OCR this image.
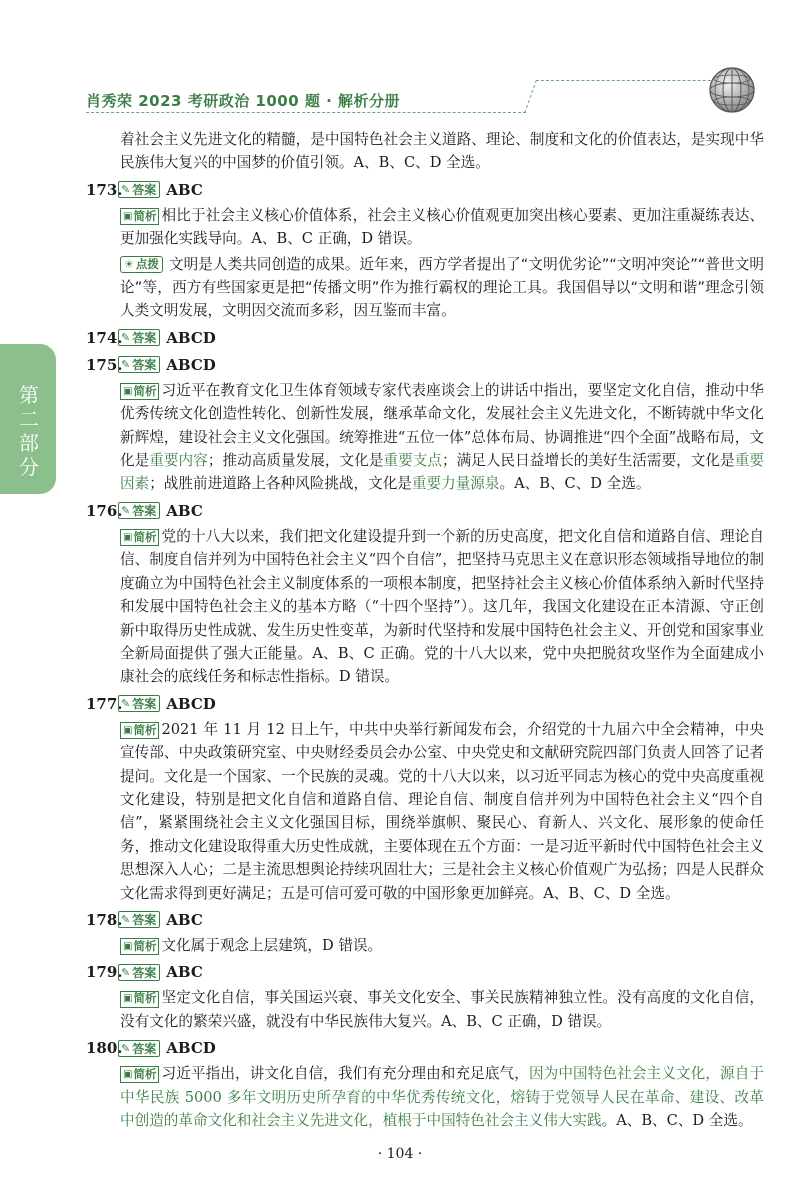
肖秀荣 2023 考研政治 1000 题 · 解析分册
第二部分

着社会主义先进文化的精髓，是中国特色社会主义道路、理论、制度和文化的价值表达，是实现中华民族伟大复兴的中国梦的价值引领。A、B、C、D 全选。

173.
✎ 答案 ABC

▣ 简析 相比于社会主义核心价值体系，社会主义核心价值观更加突出核心要素、更加注重凝练表达、更加强化实践导向。A、B、C 正确，D 错误。

☀ 点拨 文明是人类共同创造的成果。近年来，西方学者提出了“文明优劣论”“文明冲突论”“普世文明论”等，西方有些国家更是把“传播文明”作为推行霸权的理论工具。我国倡导以“文明和谐”理念引领人类文明发展，文明因交流而多彩，因互鉴而丰富。

174.
✎ 答案 ABCD
175.
✎ 答案 ABCD

▣ 简析 习近平在教育文化卫生体育领域专家代表座谈会上的讲话中指出，要坚定文化自信，推动中华优秀传统文化创造性转化、创新性发展，继承革命文化，发展社会主义先进文化，不断铸就中华文化新辉煌，建设社会主义文化强国。统筹推进“五位一体”总体布局、协调推进“四个全面”战略布局，文化是重要内容；推动高质量发展，文化是重要支点；满足人民日益增长的美好生活需要，文化是重要因素；战胜前进道路上各种风险挑战，文化是重要力量源泉。A、B、C、D 全选。

176.
✎ 答案 ABC

▣ 简析 党的十八大以来，我们把文化建设提升到一个新的历史高度，把文化自信和道路自信、理论自信、制度自信并列为中国特色社会主义“四个自信”，把坚持马克思主义在意识形态领域指导地位的制度确立为中国特色社会主义制度体系的一项根本制度，把坚持社会主义核心价值体系纳入新时代坚持和发展中国特色社会主义的基本方略（“十四个坚持”）。这几年，我国文化建设在正本清源、守正创新中取得历史性成就、发生历史性变革，为新时代坚持和发展中国特色社会主义、开创党和国家事业全新局面提供了强大正能量。A、B、C 正确。党的十八大以来，党中央把脱贫攻坚作为全面建成小康社会的底线任务和标志性指标。D 错误。

177.
✎ 答案 ABCD

▣ 简析 2021 年 11 月 12 日上午，中共中央举行新闻发布会，介绍党的十九届六中全会精神，中央宣传部、中央政策研究室、中央财经委员会办公室、中央党史和文献研究院四部门负责人回答了记者提问。文化是一个国家、一个民族的灵魂。党的十八大以来，以习近平同志为核心的党中央高度重视文化建设，特别是把文化自信和道路自信、理论自信、制度自信并列为中国特色社会主义“四个自信”，紧紧围绕社会主义文化强国目标，围绕举旗帜、聚民心、育新人、兴文化、展形象的使命任务，推动文化建设取得重大历史性成就，主要体现在五个方面：一是习近平新时代中国特色社会主义思想深入人心；二是主流思想舆论持续巩固壮大；三是社会主义核心价值观广为弘扬；四是人民群众文化需求得到更好满足；五是可信可爱可敬的中国形象更加鲜亮。A、B、C、D 全选。

178.
✎ 答案 ABC

▣ 简析 文化属于观念上层建筑，D 错误。

179.
✎ 答案 ABC

▣ 简析 坚定文化自信，事关国运兴衰、事关文化安全、事关民族精神独立性。没有高度的文化自信，没有文化的繁荣兴盛，就没有中华民族伟大复兴。A、B、C 正确，D 错误。

180.
✎ 答案 ABCD

▣ 简析 习近平指出，讲文化自信，我们有充分理由和充足底气，因为中国特色社会主义文化，源自于中华民族 5000 多年文明历史所孕育的中华优秀传统文化，熔铸于党领导人民在革命、建设、改革中创造的革命文化和社会主义先进文化，植根于中国特色社会主义伟大实践。A、B、C、D 全选。

· 104 ·
